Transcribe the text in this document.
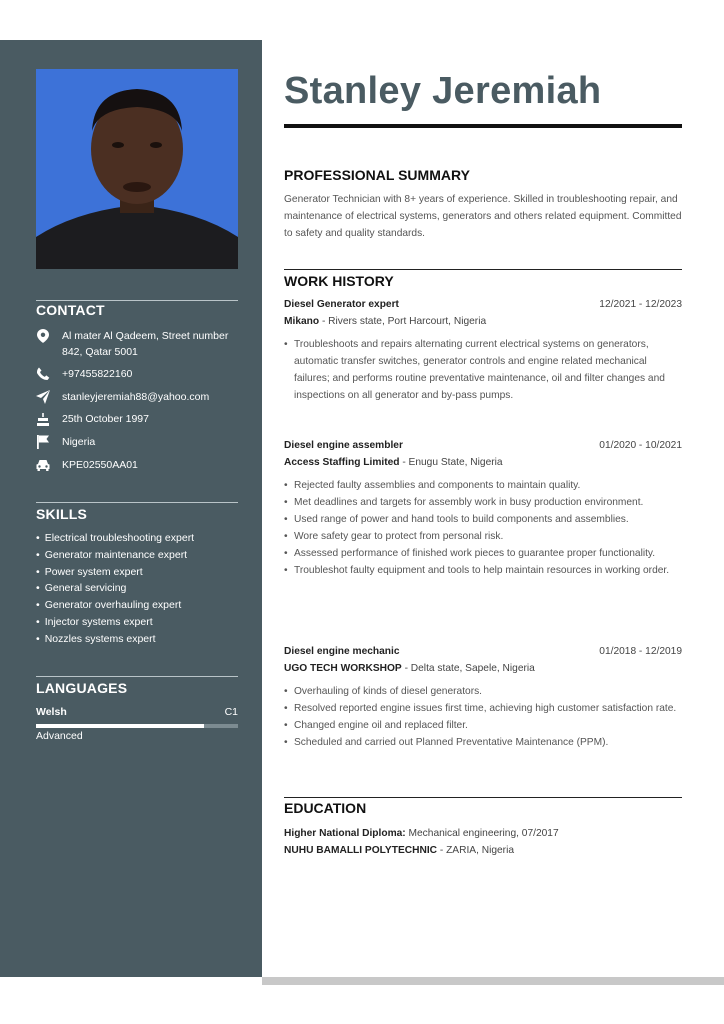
CONTACT
Al mater Al Qadeem, Street number 842, Qatar 5001
+97455822160
stanleyjeremiah88@yahoo.com
25th October 1997
Nigeria
KPE02550AA01
SKILLS
• Electrical troubleshooting expert
• Generator maintenance expert
• Power system expert
• General servicing
• Generator overhauling expert
• Injector systems expert
• Nozzles systems expert
LANGUAGES
Welsh	C1
Advanced
Stanley Jeremiah
PROFESSIONAL SUMMARY

Generator Technician with 8+ years of experience. Skilled in troubleshooting repair, and maintenance of electrical systems, generators and others related equipment. Committed to safety and quality standards.

WORK HISTORY
Diesel Generator expert	12/2021 - 12/2023
Mikano - Rivers state, Port Harcourt, Nigeria
• Troubleshoots and repairs alternating current electrical systems on generators, automatic transfer switches, generator controls and engine related mechanical failures; and performs routine preventative maintenance, oil and filter changes and inspections on all generator and by-pass pumps.
Diesel engine assembler	01/2020 - 10/2021
Access Staffing Limited - Enugu State, Nigeria
• Rejected faulty assemblies and components to maintain quality.
• Met deadlines and targets for assembly work in busy production environment.
• Used range of power and hand tools to build components and assemblies.
• Wore safety gear to protect from personal risk.
• Assessed performance of finished work pieces to guarantee proper functionality.
• Troubleshot faulty equipment and tools to help maintain resources in working order.
Diesel engine mechanic	01/2018 - 12/2019
UGO TECH WORKSHOP - Delta state, Sapele, Nigeria
• Overhauling of kinds of diesel generators.
• Resolved reported engine issues first time, achieving high customer satisfaction rate.
• Changed engine oil and replaced filter.
• Scheduled and carried out Planned Preventative Maintenance (PPM).
EDUCATION
Higher National Diploma: Mechanical engineering, 07/2017
NUHU BAMALLI POLYTECHNIC - ZARIA, Nigeria
